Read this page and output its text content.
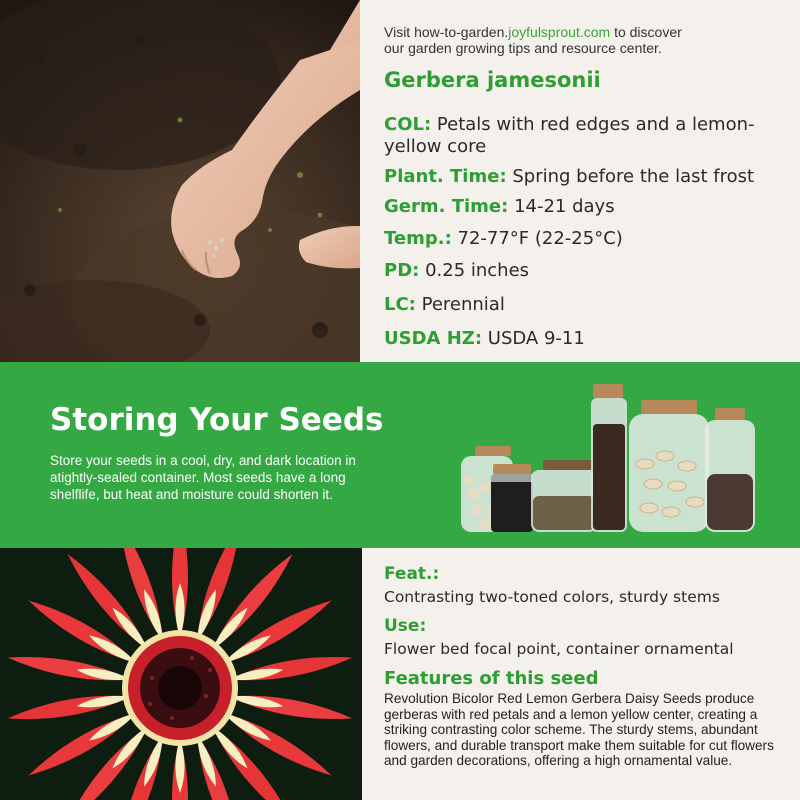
Visit how-to-garden.joyfulsprout.com to discover
our garden growing tips and resource center.

Gerbera jamesonii
COL: Petals with red edges and a lemon-yellow core
Plant. Time: Spring before the last frost
Germ. Time: 14-21 days
Temp.: 72-77°F (22-25°C)
PD: 0.25 inches
LC: Perennial
USDA HZ: USDA 9-11
Storing Your Seeds

Store your seeds in a cool, dry, and dark location in atightly-sealed container. Most seeds have a long shelflife, but heat and moisture could shorten it.

Feat.:
Contrasting two-toned colors, sturdy stems
Use:
Flower bed focal point, container ornamental
Features of this seed
Revolution Bicolor Red Lemon Gerbera Daisy Seeds produce gerberas with red petals and a lemon yellow center, creating a striking contrasting color scheme. The sturdy stems, abundant flowers, and durable transport make them suitable for cut flowers and garden decorations, offering a high ornamental value.
